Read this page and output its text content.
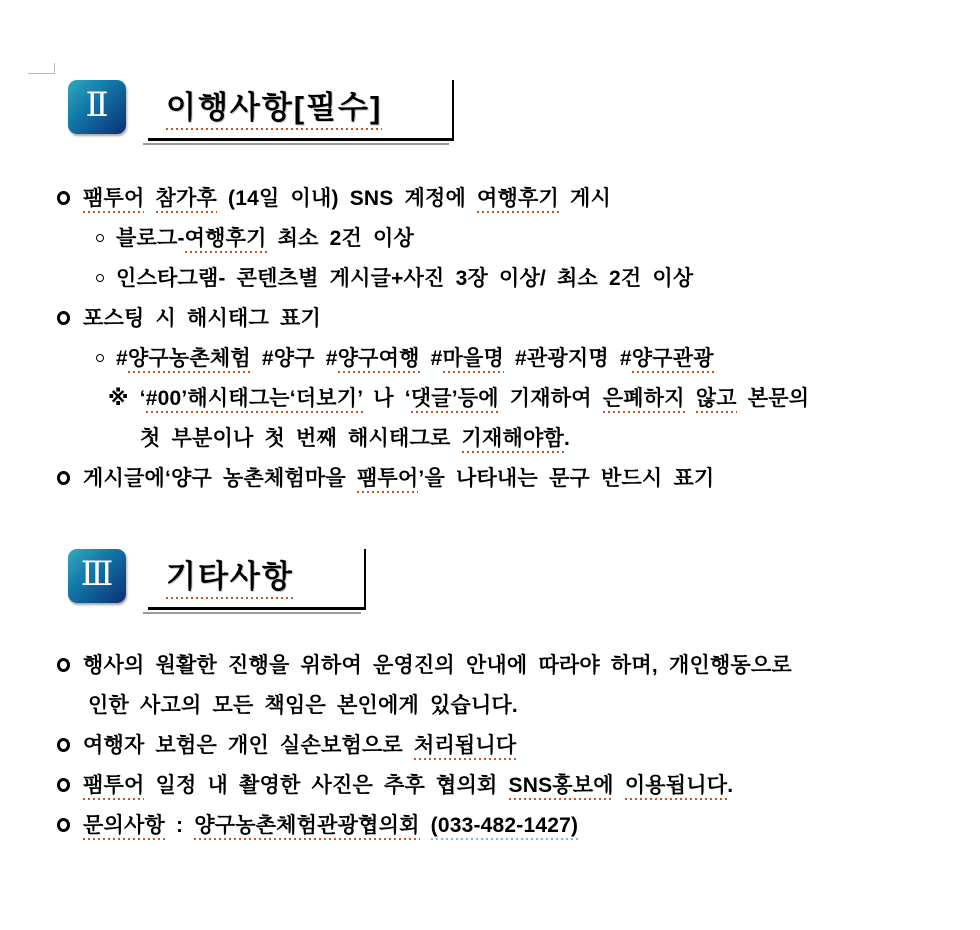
Ⅱ 이행사항[필수]
팸투어 참가후 (14일 이내) SNS 계정에 여행후기 게시
블로그-여행후기 최소 2건 이상
인스타그램- 콘텐츠별 게시글+사진 3장 이상/ 최소 2건 이상
포스팅 시 해시태그 표기
#양구농촌체험 #양구 #양구여행 #마을명 #관광지명 #양구관광
※ ‘#00’해시태그는‘더보기’ 나 ‘댓글’등에 기재하여 은폐하지 않고 본문의
첫 부분이나 첫 번째 해시태그로 기재해야함.
게시글에‘양구 농촌체험마을 팸투어’을 나타내는 문구 반드시 표기
Ⅲ 기타사항
행사의 원활한 진행을 위하여 운영진의 안내에 따라야 하며, 개인행동으로
인한 사고의 모든 책임은 본인에게 있습니다.
여행자 보험은 개인 실손보험으로 처리됩니다
팸투어 일정 내 촬영한 사진은 추후 협의회 SNS홍보에 이용됩니다.
문의사항 : 양구농촌체험관광협의회 (033-482-1427)
